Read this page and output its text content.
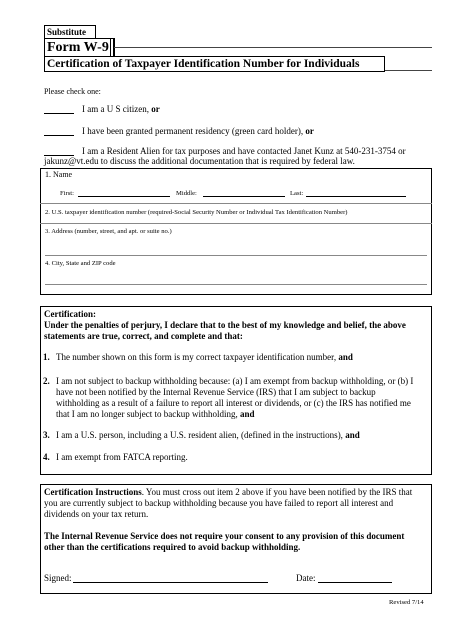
Substitute
Form W-9
Certification of Taxpayer Identification Number for Individuals
Please check one:
I am a U S citizen, or
I have been granted permanent residency (green card holder), or
I am a Resident Alien for tax purposes and have contacted Janet Kunz at 540-231-3754 or
jakunz@vt.edu to discuss the additional documentation that is required by federal law.
1. Name
First:	Middle:	Last:
2. U.S. taxpayer identification number (required-Social Security Number or Individual Tax Identification Number)
3. Address (number, street, and apt. or suite no.)
4. City, State and ZIP code
Certification:
Under the penalties of perjury, I declare that to the best of my knowledge and belief, the above
statements are true, correct, and complete and that:
1. The number shown on this form is my correct taxpayer identification number, and
2. I am not subject to backup withholding because: (a) I am exempt from backup withholding, or (b) I
have not been notified by the Internal Revenue Service (IRS) that I am subject to backup
withholding as a result of a failure to report all interest or dividends, or (c) the IRS has notified me
that I am no longer subject to backup withholding, and
3. I am a U.S. person, including a U.S. resident alien, (defined in the instructions), and
4. I am exempt from FATCA reporting.
Certification Instructions. You must cross out item 2 above if you have been notified by the IRS that
you are currently subject to backup withholding because you have failed to report all interest and
dividends on your tax return.
The Internal Revenue Service does not require your consent to any provision of this document
other than the certifications required to avoid backup withholding.
Signed:	Date:
Revised 7/14
